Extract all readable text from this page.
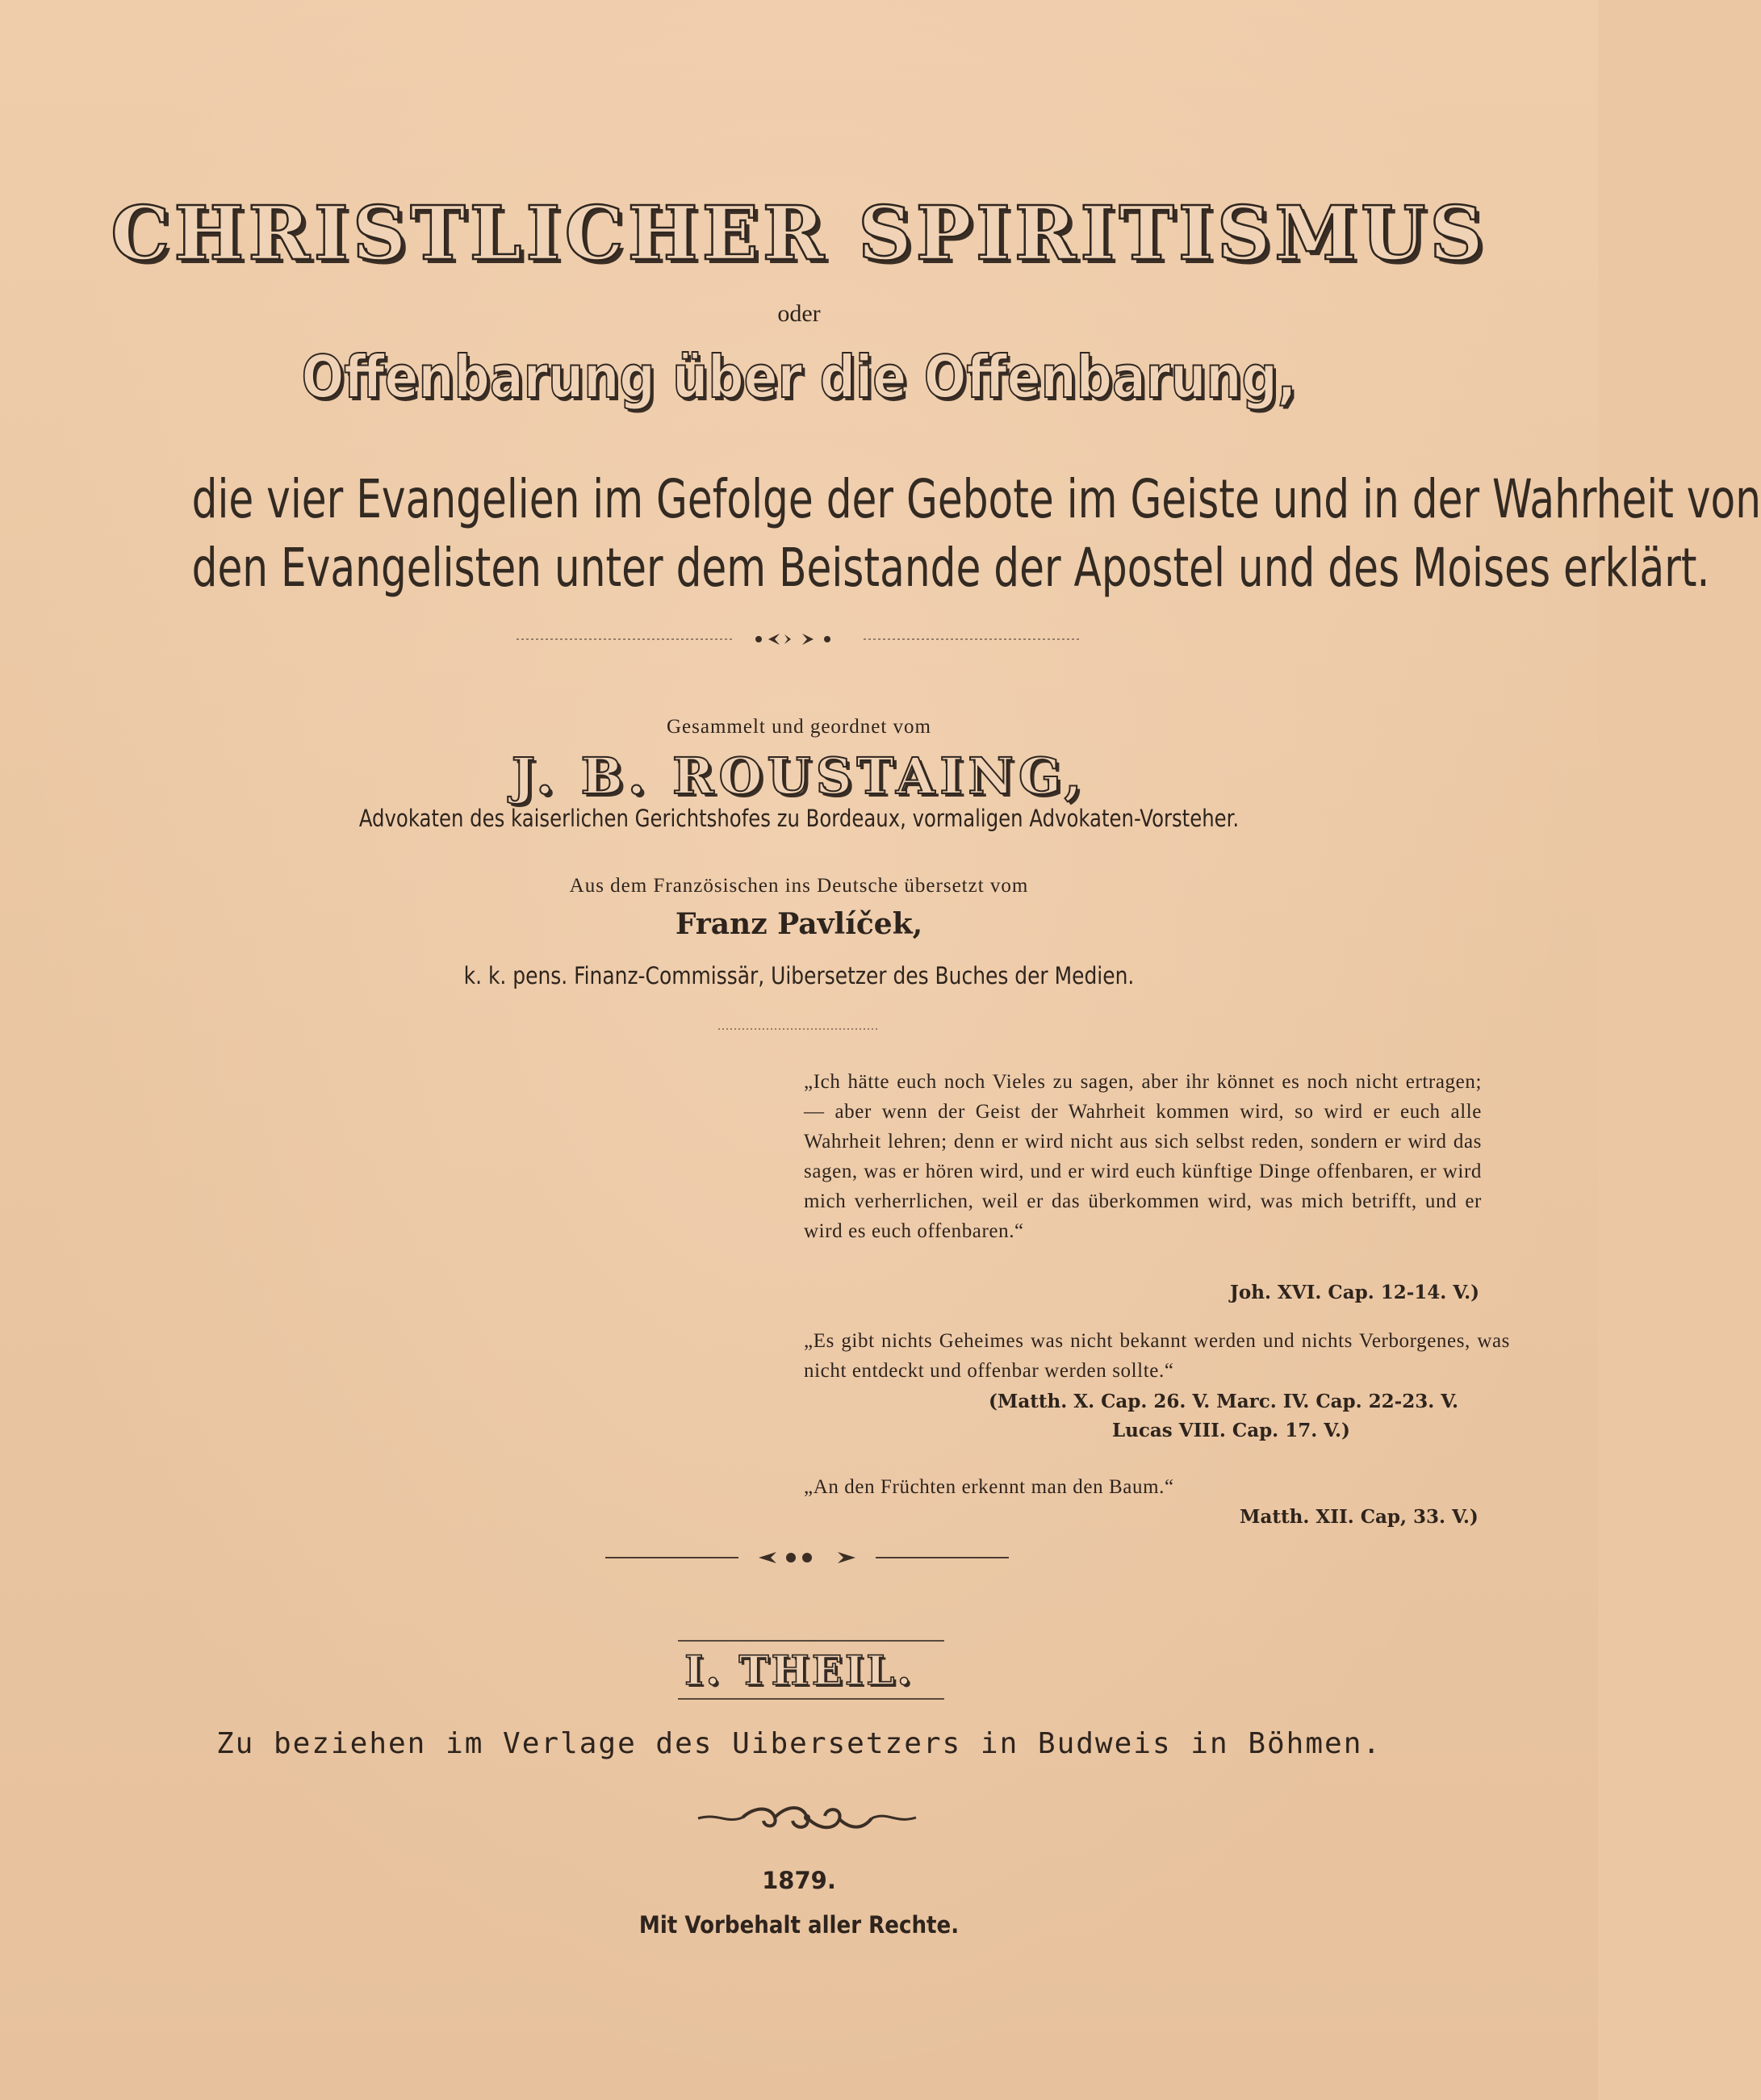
CHRISTLICHER SPIRITISMUS
oder
Offenbarung über die Offenbarung,
die vier Evangelien im Gefolge der Gebote im Geiste und in der Wahrheit von
den Evangelisten unter dem Beistande der Apostel und des Moises erklärt.
Gesammelt und geordnet vom
J. B. ROUSTAING,
Advokaten des kaiserlichen Gerichtshofes zu Bordeaux, vormaligen Advokaten-Vorsteher.
Aus dem Französischen ins Deutsche übersetzt vom
Franz Pavlíček,
k. k. pens. Finanz-Commissär, Uibersetzer des Buches der Medien.
„Ich hätte euch noch Vieles zu sagen, aber ihr könnet es noch nicht ertragen; — aber wenn der Geist der Wahrheit kommen wird, so wird er euch alle Wahrheit lehren; denn er wird nicht aus sich selbst reden, sondern er wird das sagen, was er hören wird, und er wird euch künftige Dinge offenbaren, er wird mich verherrlichen, weil er das überkommen wird, was mich betrifft, und er wird es euch offenbaren.“
Joh. XVI. Cap. 12-14. V.)
„Es gibt nichts Geheimes was nicht bekannt werden und nichts Verborgenes, was nicht entdeckt und offenbar werden sollte.“
(Matth. X. Cap. 26. V. Marc. IV. Cap. 22-23. V.
Lucas VIII. Cap. 17. V.)
„An den Früchten erkennt man den Baum.“
Matth. XII. Cap, 33. V.)
I. THEIL.
Zu beziehen im Verlage des Uibersetzers in Budweis in Böhmen.
1879.
Mit Vorbehalt aller Rechte.
